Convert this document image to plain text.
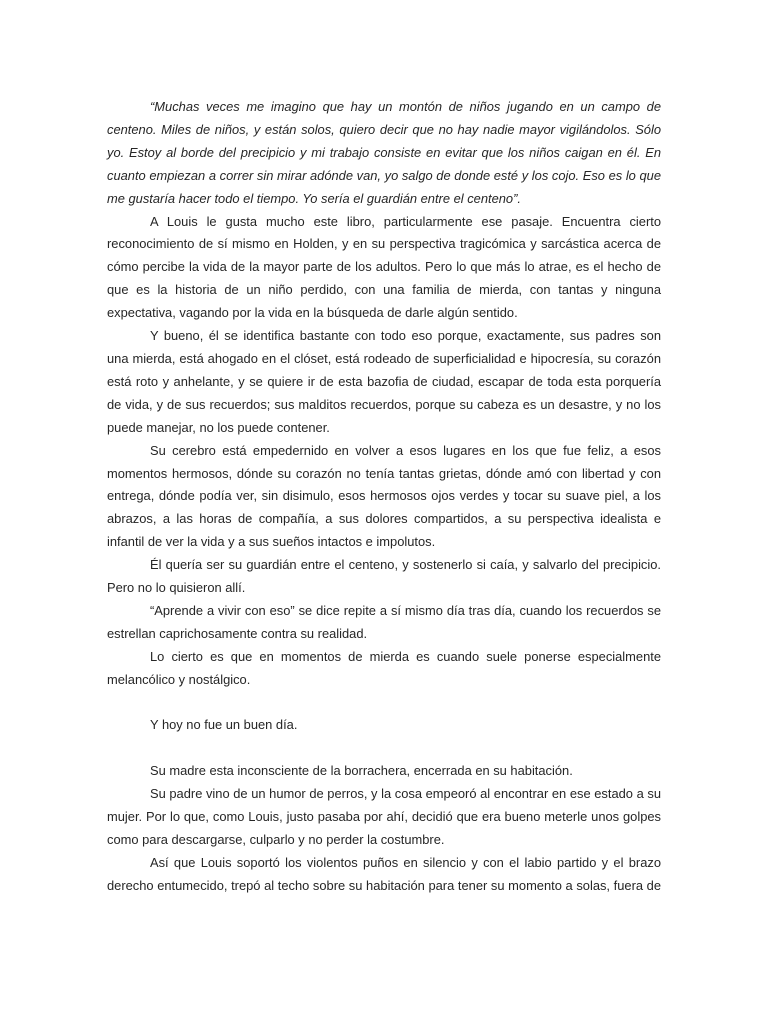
“Muchas veces me imagino que hay un montón de niños jugando en un campo de centeno. Miles de niños, y están solos, quiero decir que no hay nadie mayor vigilándolos. Sólo yo. Estoy al borde del precipicio y mi trabajo consiste en evitar que los niños caigan en él. En cuanto empiezan a correr sin mirar adónde van, yo salgo de donde esté y los cojo. Eso es lo que me gustaría hacer todo el tiempo. Yo sería el guardián entre el centeno”.

A Louis le gusta mucho este libro, particularmente ese pasaje. Encuentra cierto reconocimiento de sí mismo en Holden, y en su perspectiva tragicómica y sarcástica acerca de cómo percibe la vida de la mayor parte de los adultos. Pero lo que más lo atrae, es el hecho de que es la historia de un niño perdido, con una familia de mierda, con tantas y ninguna expectativa, vagando por la vida en la búsqueda de darle algún sentido.

Y bueno, él se identifica bastante con todo eso porque, exactamente, sus padres son una mierda, está ahogado en el clóset, está rodeado de superficialidad e hipocresía, su corazón está roto y anhelante, y se quiere ir de esta bazofia de ciudad, escapar de toda esta porquería de vida, y de sus recuerdos; sus malditos recuerdos, porque su cabeza es un desastre, y no los puede manejar, no los puede contener.

Su cerebro está empedernido en volver a esos lugares en los que fue feliz, a esos momentos hermosos, dónde su corazón no tenía tantas grietas, dónde amó con libertad y con entrega, dónde podía ver, sin disimulo, esos hermosos ojos verdes y tocar su suave piel, a los abrazos, a las horas de compañía, a sus dolores compartidos, a su perspectiva idealista e infantil de ver la vida y a sus sueños intactos e impolutos.

Él quería ser su guardián entre el centeno, y sostenerlo si caía, y salvarlo del precipicio. Pero no lo quisieron allí.

“Aprende a vivir con eso” se dice repite a sí mismo día tras día, cuando los recuerdos se estrellan caprichosamente contra su realidad.

Lo cierto es que en momentos de mierda es cuando suele ponerse especialmente melancólico y nostálgico.

Y hoy no fue un buen día.

Su madre esta inconsciente de la borrachera, encerrada en su habitación.

Su padre vino de un humor de perros, y la cosa empeoró al encontrar en ese estado a su mujer. Por lo que, como Louis, justo pasaba por ahí, decidió que era bueno meterle unos golpes como para descargarse, culparlo y no perder la costumbre.

Así que Louis soportó los violentos puños en silencio y con el labio partido y el brazo derecho entumecido, trepó al techo sobre su habitación para tener su momento a solas, fuera de
